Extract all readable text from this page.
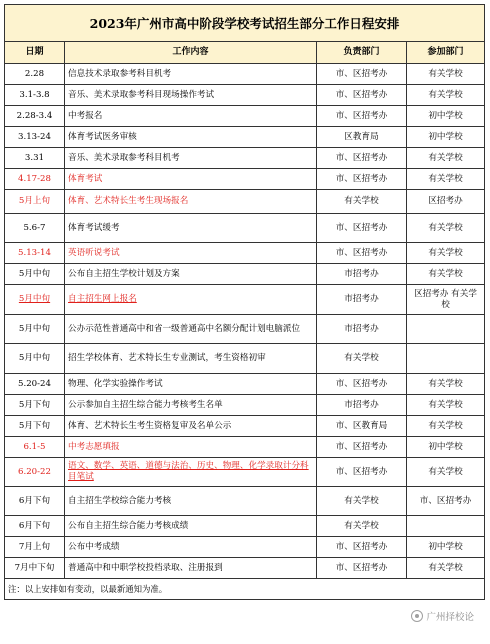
2023年广州市高中阶段学校考试招生部分工作日程安排			
日期	工作内容	负责部门	参加部门
2.28	信息技术录取参考科目机考	市、区招考办	有关学校
3.1-3.8	音乐、美术录取参考科目现场操作考试	市、区招考办	有关学校
2.28-3.4	中考报名	市、区招考办	初中学校
3.13-24	体育考试医务审核	区教育局	初中学校
3.31	音乐、美术录取参考科目机考	市、区招考办	有关学校
4.17-28	体育考试	市、区招考办	有关学校
5月上旬	体育、艺术特长生考生现场报名	有关学校	区招考办
5.6-7	体育考试缓考	市、区招考办	有关学校
5.13-14	英语听说考试	市、区招考办	有关学校
5月中旬	公布自主招生学校计划及方案	市招考办	有关学校
5月中旬	自主招生网上报名	市招考办	区招考办 有关学校
5月中旬	公办示范性普通高中和省一级普通高中名额分配计划电脑派位	市招考办	
5月中旬	招生学校体育、艺术特长生专业测试，考生资格初审	有关学校	
5.20-24	物理、化学实验操作考试	市、区招考办	有关学校
5月下旬	公示参加自主招生综合能力考核考生名单	市招考办	有关学校
5月下旬	体育、艺术特长生考生资格复审及名单公示	市、区教育局	有关学校
6.1-5	中考志愿填报	市、区招考办	初中学校
6.20-22	语文、数学、英语、道德与法治、历史、物理、化学录取计分科目笔试	市、区招考办	有关学校
6月下旬	自主招生学校综合能力考核	有关学校	市、区招考办
6月下旬	公布自主招生综合能力考核成绩	有关学校	
7月上旬	公布中考成绩	市、区招考办	初中学校
7月中下旬	普通高中和中职学校投档录取、注册报到	市、区招考办	有关学校
注：以上安排如有变动，以最新通知为准。			
广州择校论
